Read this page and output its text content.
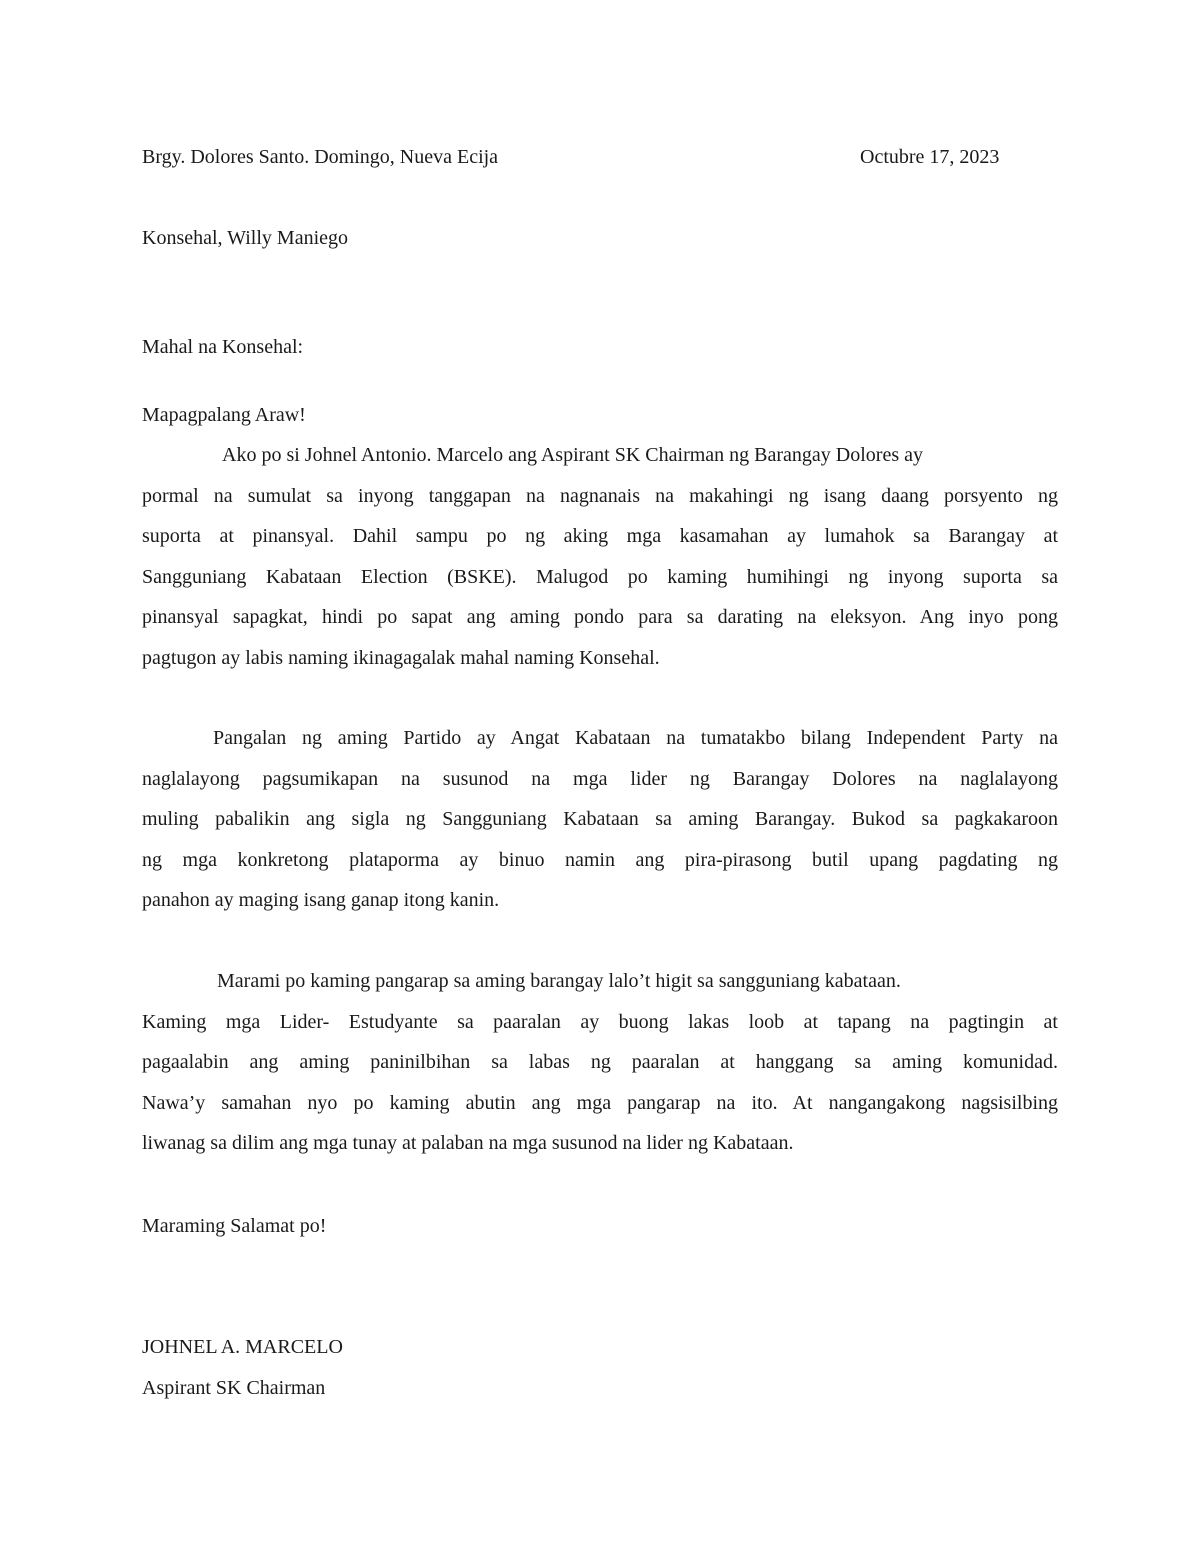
Brgy. Dolores Santo. Domingo, Nueva Ecija	Octubre 17, 2023
Konsehal, Willy Maniego
Mahal na Konsehal:
Mapagpalang Araw!
Ako po si Johnel Antonio. Marcelo ang Aspirant SK Chairman ng Barangay Dolores ay
pormal na sumulat sa inyong tanggapan na nagnanais na makahingi ng isang daang porsyento ng
suporta at pinansyal. Dahil sampu po ng aking mga kasamahan ay lumahok sa Barangay at
Sangguniang Kabataan Election (BSKE). Malugod po kaming humihingi ng inyong suporta sa
pinansyal sapagkat, hindi po sapat ang aming pondo para sa darating na eleksyon. Ang inyo pong
pagtugon ay labis naming ikinagagalak mahal naming Konsehal.
Pangalan ng aming Partido ay Angat Kabataan na tumatakbo bilang Independent Party na
naglalayong pagsumikapan na susunod na mga lider ng Barangay Dolores na naglalayong
muling pabalikin ang sigla ng Sangguniang Kabataan sa aming Barangay. Bukod sa pagkakaroon
ng mga konkretong plataporma ay binuo namin ang pira-pirasong butil upang pagdating ng
panahon ay maging isang ganap itong kanin.
Marami po kaming pangarap sa aming barangay lalo’t higit sa sangguniang kabataan.
Kaming mga Lider- Estudyante sa paaralan ay buong lakas loob at tapang na pagtingin at
pagaalabin ang aming paninilbihan sa labas ng paaralan at hanggang sa aming komunidad.
Nawa’y samahan nyo po kaming abutin ang mga pangarap na ito. At nangangakong nagsisilbing
liwanag sa dilim ang mga tunay at palaban na mga susunod na lider ng Kabataan.
Maraming Salamat po!
JOHNEL A. MARCELO
Aspirant SK Chairman
